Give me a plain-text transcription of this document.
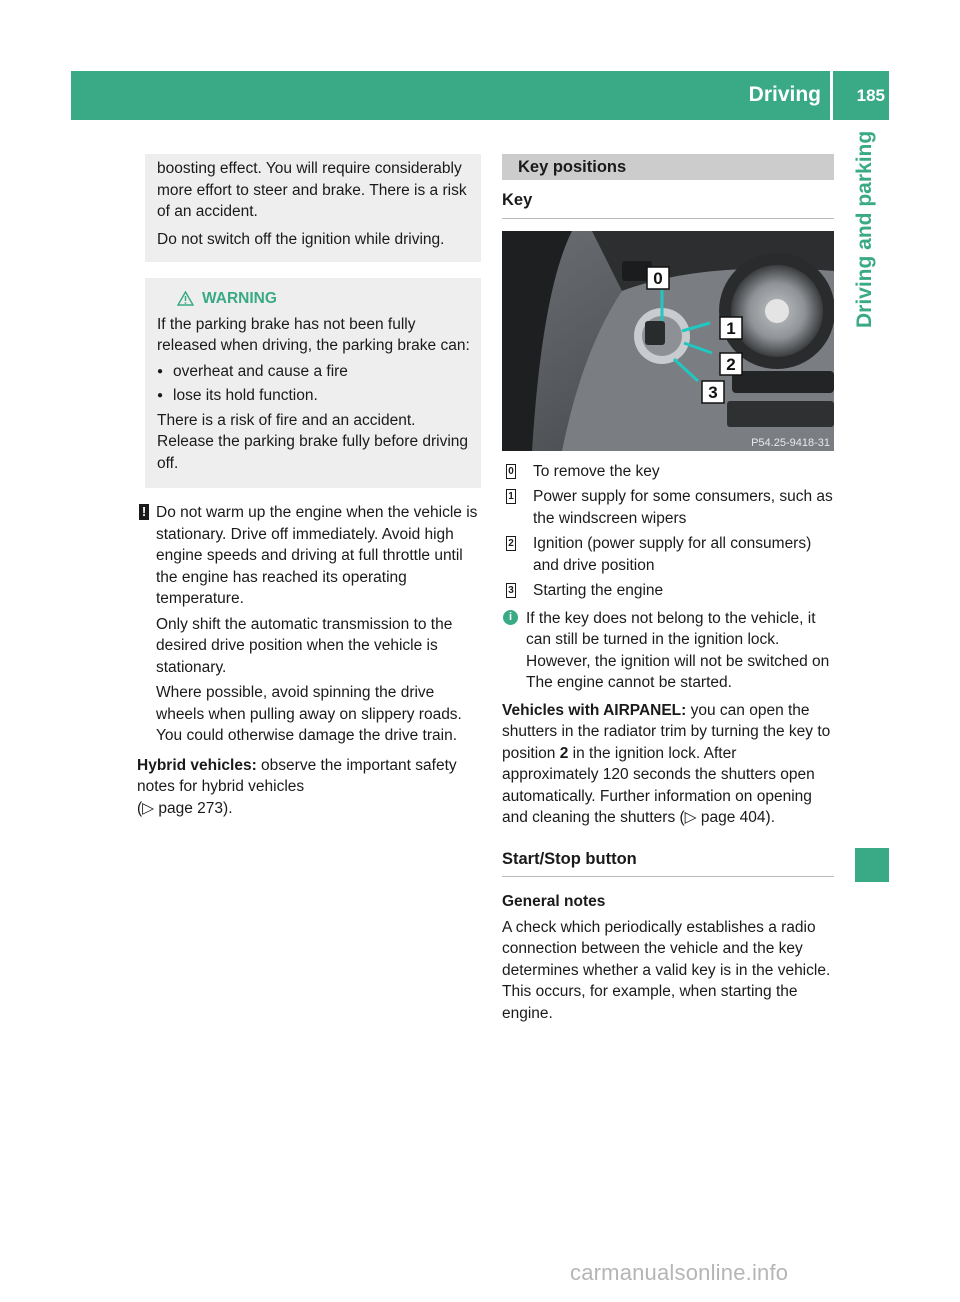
Driving 185
Driving and parking

boosting effect. You will require considerably more effort to steer and brake. There is a risk of an accident.

Do not switch off the ignition while driving.

WARNING

If the parking brake has not been fully released when driving, the parking brake can:

● overheat and cause a fire
● lose its hold function.

There is a risk of fire and an accident. Release the parking brake fully before driving off.

! Do not warm up the engine when the vehicle is stationary. Drive off immediately. Avoid high engine speeds and driving at full throttle until the engine has reached its operating temperature.

Only shift the automatic transmission to the desired drive position when the vehicle is stationary.

Where possible, avoid spinning the drive wheels when pulling away on slippery roads. You could otherwise damage the drive train.

Hybrid vehicles: observe the important safety notes for hybrid vehicles
(▷ page 273).

Key positions
Key
0
1
2
3
P54.25-9418-31
0 To remove the key
1 Power supply for some consumers, such as the windscreen wipers
2 Ignition (power supply for all consumers) and drive position
3 Starting the engine
i If the key does not belong to the vehicle, it can still be turned in the ignition lock. However, the ignition will not be switched on The engine cannot be started.

Vehicles with AIRPANEL: you can open the shutters in the radiator trim by turning the key to position 2 in the ignition lock. After approximately 120 seconds the shutters open automatically. Further information on opening and cleaning the shutters (▷ page 404).

Start/Stop button
General notes

A check which periodically establishes a radio connection between the vehicle and the key determines whether a valid key is in the vehicle. This occurs, for example, when starting the engine.

carmanualsonline.info
